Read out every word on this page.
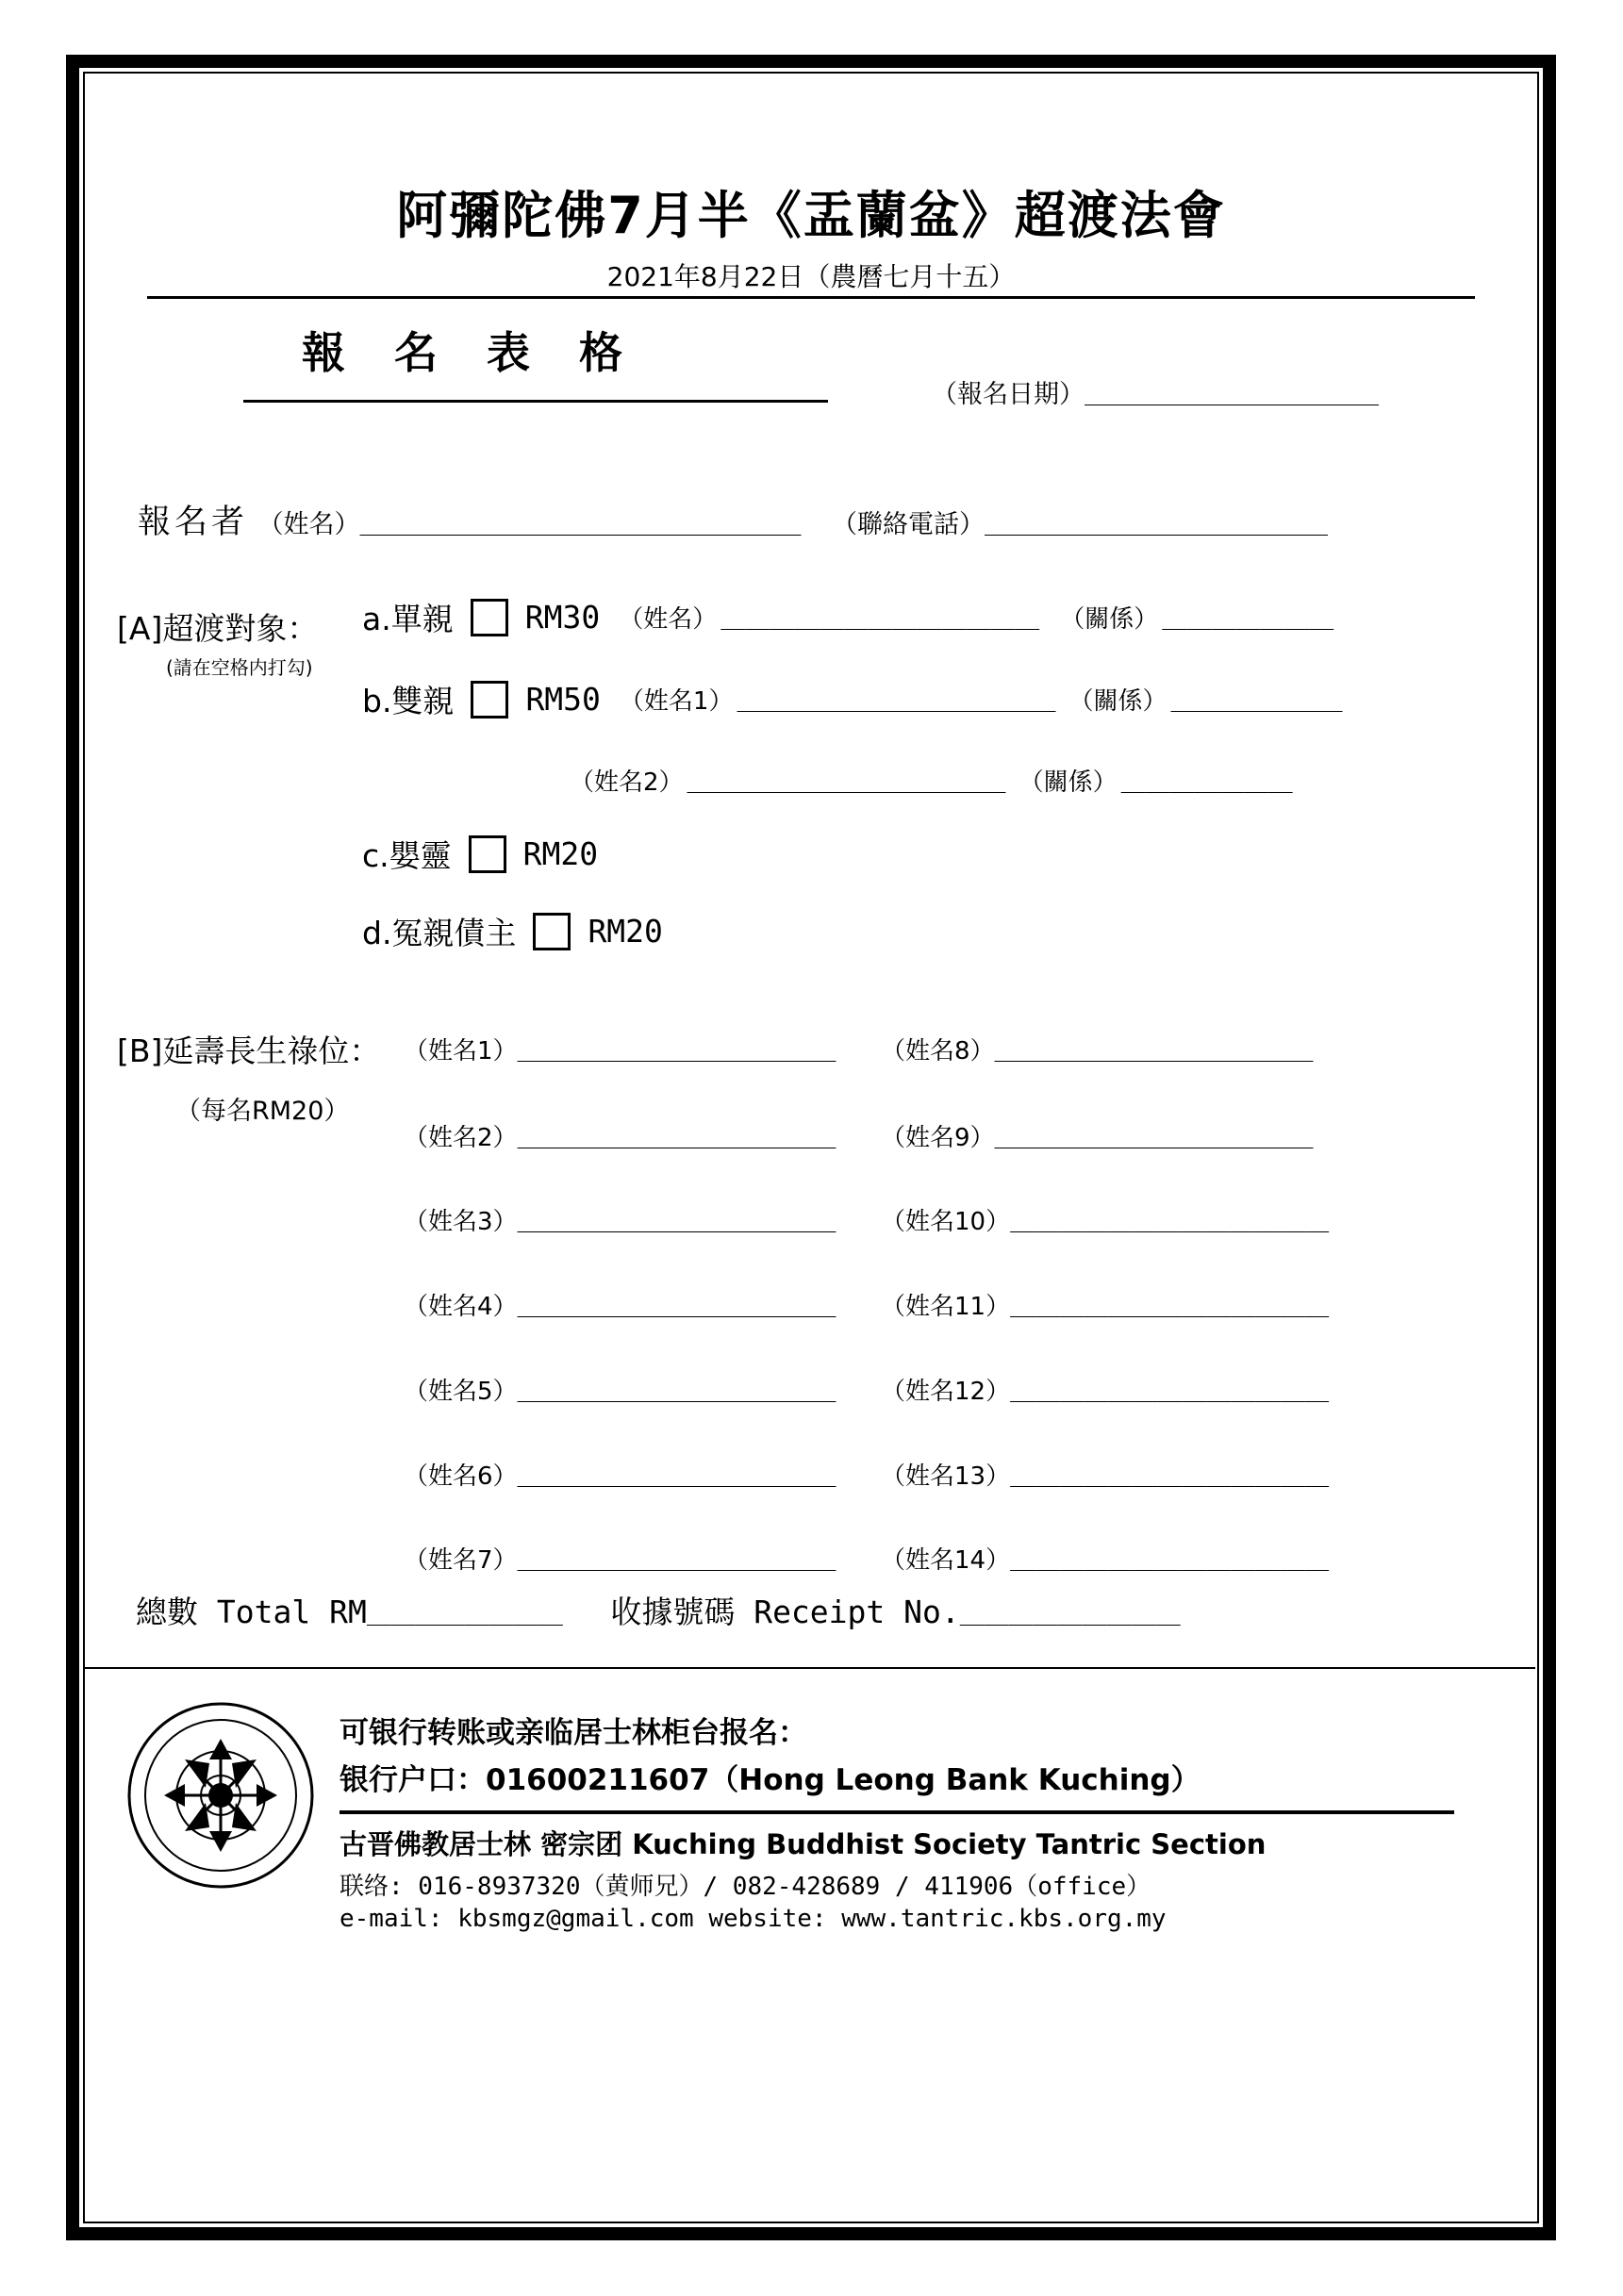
阿彌陀佛7月半《盂蘭盆》超渡法會
2021年8月22日（農曆七月十五）
報 名 表 格
（報名日期）＿＿＿＿＿＿＿＿＿＿＿＿
報名者 （姓名）＿＿＿＿＿＿＿＿＿＿＿＿＿＿＿＿＿＿ （聯絡電話）＿＿＿＿＿＿＿＿＿＿＿＿＿＿
[A]超渡對象：
(請在空格内打勾)
a.單親 RM30 （姓名） ＿＿＿＿＿＿＿＿＿＿＿＿＿ （關係） ＿＿＿＿＿＿＿
b.雙親 RM50 （姓名1） ＿＿＿＿＿＿＿＿＿＿＿＿＿ （關係） ＿＿＿＿＿＿＿
（姓名2） ＿＿＿＿＿＿＿＿＿＿＿＿＿ （關係） ＿＿＿＿＿＿＿
c.嬰靈 RM20
d.冤親債主 RM20
[B]延壽長生祿位：
（每名RM20）
（姓名1）＿＿＿＿＿＿＿＿＿＿＿＿＿ （姓名8）＿＿＿＿＿＿＿＿＿＿＿＿＿
（姓名2）＿＿＿＿＿＿＿＿＿＿＿＿＿ （姓名9）＿＿＿＿＿＿＿＿＿＿＿＿＿
（姓名3）＿＿＿＿＿＿＿＿＿＿＿＿＿ （姓名10）＿＿＿＿＿＿＿＿＿＿＿＿＿
（姓名4）＿＿＿＿＿＿＿＿＿＿＿＿＿ （姓名11）＿＿＿＿＿＿＿＿＿＿＿＿＿
（姓名5）＿＿＿＿＿＿＿＿＿＿＿＿＿ （姓名12）＿＿＿＿＿＿＿＿＿＿＿＿＿
（姓名6）＿＿＿＿＿＿＿＿＿＿＿＿＿ （姓名13）＿＿＿＿＿＿＿＿＿＿＿＿＿
（姓名7）＿＿＿＿＿＿＿＿＿＿＿＿＿ （姓名14）＿＿＿＿＿＿＿＿＿＿＿＿＿
總數 Total RM＿＿＿＿＿＿＿＿ 收據號碼 Receipt No.＿＿＿＿＿＿＿＿＿
可银行转账或亲临居士林柜台报名：
银行户口：01600211607（Hong Leong Bank Kuching）
古晋佛教居士林 密宗团 Kuching Buddhist Society Tantric Section
联络: 016-8937320（黄师兄）/ 082-428689 / 411906（office）
e-mail: kbsmgz@gmail.com website: www.tantric.kbs.org.my
